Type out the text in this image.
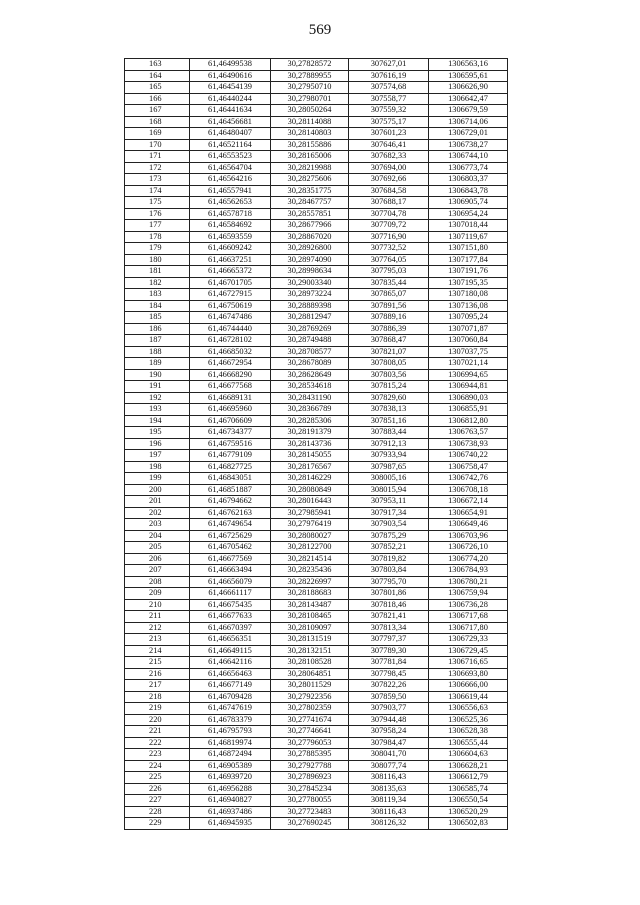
569
163	61,46499538	30,27828572	307627,01	1306563,16
164	61,46490616	30,27889955	307616,19	1306595,61
165	61,46454139	30,27950710	307574,68	1306626,90
166	61,46440244	30,27980701	307558,77	1306642,47
167	61,46441634	30,28050264	307559,32	1306679,59
168	61,46456681	30,28114088	307575,17	1306714,06
169	61,46480407	30,28140803	307601,23	1306729,01
170	61,46521164	30,28155886	307646,41	1306738,27
171	61,46553523	30,28165006	307682,33	1306744,10
172	61,46564704	30,28219988	307694,00	1306773,74
173	61,46564216	30,28275606	307692,66	1306803,37
174	61,46557941	30,28351775	307684,58	1306843,78
175	61,46562653	30,28467757	307688,17	1306905,74
176	61,46578718	30,28557851	307704,78	1306954,24
177	61,46584692	30,28677966	307709,72	1307018,44
178	61,46593559	30,28867020	307716,90	1307119,67
179	61,46609242	30,28926800	307732,52	1307151,80
180	61,46637251	30,28974090	307764,05	1307177,84
181	61,46665372	30,28998634	307795,03	1307191,76
182	61,46701705	30,29003340	307835,44	1307195,35
183	61,46727915	30,28973224	307865,07	1307180,08
184	61,46750619	30,28889398	307891,56	1307136,08
185	61,46747486	30,28812947	307889,16	1307095,24
186	61,46744440	30,28769269	307886,39	1307071,87
187	61,46728102	30,28749488	307868,47	1307060,84
188	61,46685032	30,28708577	307821,07	1307037,75
189	61,46672954	30,28678089	307808,05	1307021,14
190	61,46668290	30,28628649	307803,56	1306994,65
191	61,46677568	30,28534618	307815,24	1306944,81
192	61,46689131	30,28431190	307829,60	1306890,03
193	61,46695960	30,28366789	307838,13	1306855,91
194	61,46706609	30,28285306	307851,16	1306812,80
195	61,46734377	30,28191379	307883,44	1306763,57
196	61,46759516	30,28143736	307912,13	1306738,93
197	61,46779109	30,28145055	307933,94	1306740,22
198	61,46827725	30,28176567	307987,65	1306758,47
199	61,46843051	30,28146229	308005,16	1306742,76
200	61,46851887	30,28080849	308015,94	1306708,18
201	61,46794662	30,28016443	307953,11	1306672,14
202	61,46762163	30,27985941	307917,34	1306654,91
203	61,46749654	30,27976419	307903,54	1306649,46
204	61,46725629	30,28080027	307875,29	1306703,96
205	61,46705462	30,28122700	307852,21	1306726,10
206	61,46677569	30,28214514	307819,82	1306774,20
207	61,46663494	30,28235436	307803,84	1306784,93
208	61,46656079	30,28226997	307795,70	1306780,21
209	61,46661117	30,28188683	307801,86	1306759,94
210	61,46675435	30,28143487	307818,46	1306736,28
211	61,46677633	30,28108465	307821,41	1306717,68
212	61,46670397	30,28109097	307813,34	1306717,80
213	61,46656351	30,28131519	307797,37	1306729,33
214	61,46649115	30,28132151	307789,30	1306729,45
215	61,46642116	30,28108528	307781,84	1306716,65
216	61,46656463	30,28064851	307798,45	1306693,80
217	61,46677149	30,28011529	307822,26	1306666,00
218	61,46709428	30,27922356	307859,50	1306619,44
219	61,46747619	30,27802359	307903,77	1306556,63
220	61,46783379	30,27741674	307944,48	1306525,36
221	61,46795793	30,27746641	307958,24	1306528,38
222	61,46819974	30,27796053	307984,47	1306555,44
223	61,46872494	30,27885395	308041,70	1306604,63
224	61,46905389	30,27927788	308077,74	1306628,21
225	61,46939720	30,27896923	308116,43	1306612,79
226	61,46956288	30,27845234	308135,63	1306585,74
227	61,46940827	30,27780055	308119,34	1306550,54
228	61,46937486	30,27723483	308116,43	1306520,29
229	61,46945935	30,27690245	308126,32	1306502,83
